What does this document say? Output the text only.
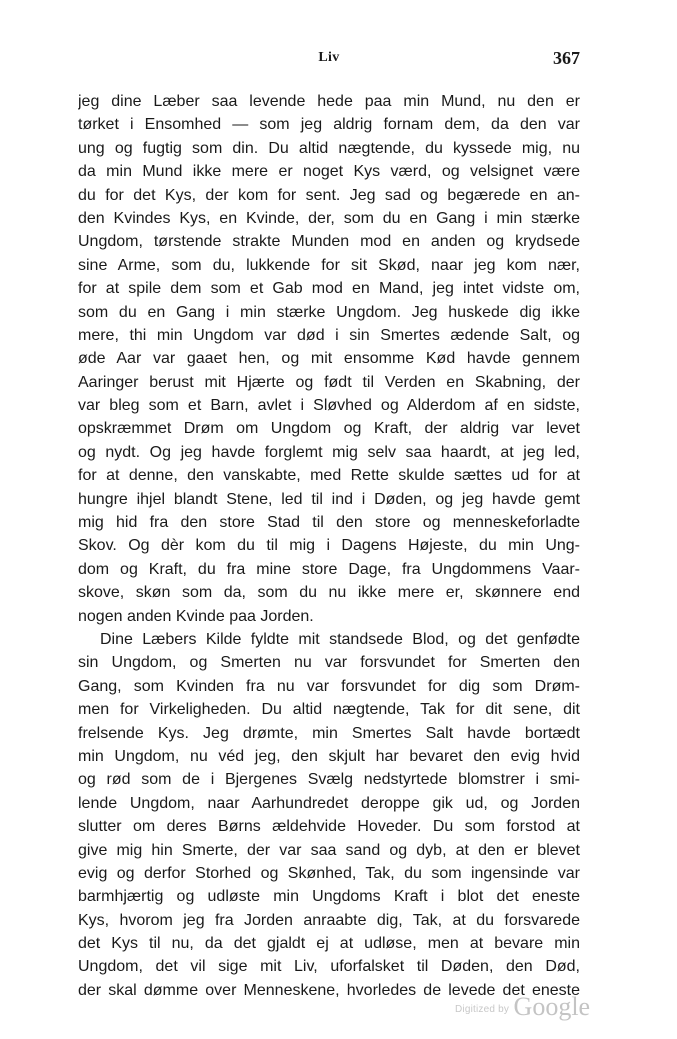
Liv	367
jeg dine Læber saa levende hede paa min Mund, nu den er
tørket i Ensomhed — som jeg aldrig fornam dem, da den var
ung og fugtig som din. Du altid nægtende, du kyssede mig, nu
da min Mund ikke mere er noget Kys værd, og velsignet være
du for det Kys, der kom for sent. Jeg sad og begærede en an-
den Kvindes Kys, en Kvinde, der, som du en Gang i min stærke
Ungdom, tørstende strakte Munden mod en anden og krydsede
sine Arme, som du, lukkende for sit Skød, naar jeg kom nær,
for at spile dem som et Gab mod en Mand, jeg intet vidste om,
som du en Gang i min stærke Ungdom. Jeg huskede dig ikke
mere, thi min Ungdom var død i sin Smertes ædende Salt, og
øde Aar var gaaet hen, og mit ensomme Kød havde gennem
Aaringer berust mit Hjærte og født til Verden en Skabning, der
var bleg som et Barn, avlet i Sløvhed og Alderdom af en sidste,
opskræmmet Drøm om Ungdom og Kraft, der aldrig var levet
og nydt. Og jeg havde forglemt mig selv saa haardt, at jeg led,
for at denne, den vanskabte, med Rette skulde sættes ud for at
hungre ihjel blandt Stene, led til ind i Døden, og jeg havde gemt
mig hid fra den store Stad til den store og menneskeforladte
Skov. Og dèr kom du til mig i Dagens Højeste, du min Ung-
dom og Kraft, du fra mine store Dage, fra Ungdommens Vaar-
skove, skøn som da, som du nu ikke mere er, skønnere end
nogen anden Kvinde paa Jorden.
Dine Læbers Kilde fyldte mit standsede Blod, og det genfødte
sin Ungdom, og Smerten nu var forsvundet for Smerten den
Gang, som Kvinden fra nu var forsvundet for dig som Drøm-
men for Virkeligheden. Du altid nægtende, Tak for dit sene, dit
frelsende Kys. Jeg drømte, min Smertes Salt havde bortædt
min Ungdom, nu véd jeg, den skjult har bevaret den evig hvid
og rød som de i Bjergenes Svælg nedstyrtede blomstrer i smi-
lende Ungdom, naar Aarhundredet deroppe gik ud, og Jorden
slutter om deres Børns ældehvide Hoveder. Du som forstod at
give mig hin Smerte, der var saa sand og dyb, at den er blevet
evig og derfor Storhed og Skønhed, Tak, du som ingensinde var
barmhjærtig og udløste min Ungdoms Kraft i blot det eneste
Kys, hvorom jeg fra Jorden anraabte dig, Tak, at du forsvarede
det Kys til nu, da det gjaldt ej at udløse, men at bevare min
Ungdom, det vil sige mit Liv, uforfalsket til Døden, den Død,
der skal dømme over Menneskene, hvorledes de levede det eneste
Digitized by Google
